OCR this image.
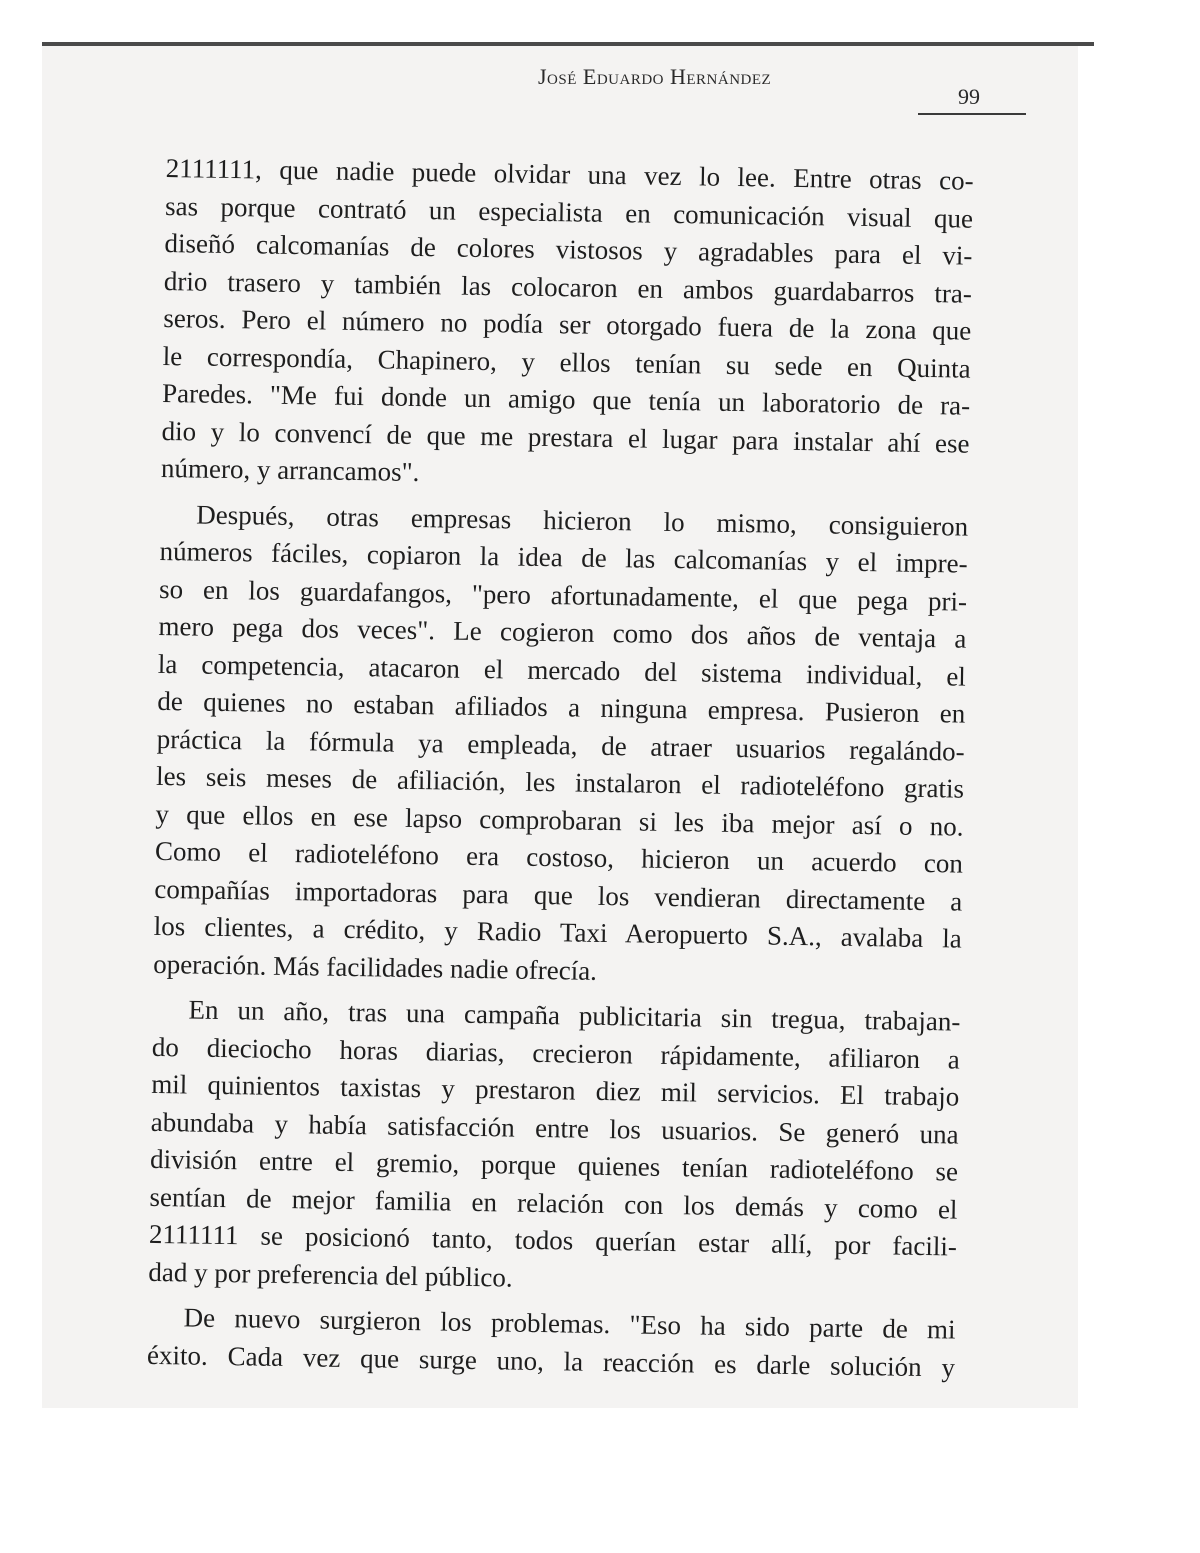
José Eduardo Hernández
99
2111111, que nadie puede olvidar una vez lo lee. Entre otras co-
sas porque contrató un especialista en comunicación visual que
diseñó calcomanías de colores vistosos y agradables para el vi-
drio trasero y también las colocaron en ambos guardabarros tra-
seros. Pero el número no podía ser otorgado fuera de la zona que
le correspondía, Chapinero, y ellos tenían su sede en Quinta
Paredes. "Me fui donde un amigo que tenía un laboratorio de ra-
dio y lo convencí de que me prestara el lugar para instalar ahí ese
número, y arrancamos".
Después, otras empresas hicieron lo mismo, consiguieron
números fáciles, copiaron la idea de las calcomanías y el impre-
so en los guardafangos, "pero afortunadamente, el que pega pri-
mero pega dos veces". Le cogieron como dos años de ventaja a
la competencia, atacaron el mercado del sistema individual, el
de quienes no estaban afiliados a ninguna empresa. Pusieron en
práctica la fórmula ya empleada, de atraer usuarios regalándo-
les seis meses de afiliación, les instalaron el radioteléfono gratis
y que ellos en ese lapso comprobaran si les iba mejor así o no.
Como el radioteléfono era costoso, hicieron un acuerdo con
compañías importadoras para que los vendieran directamente a
los clientes, a crédito, y Radio Taxi Aeropuerto S.A., avalaba la
operación. Más facilidades nadie ofrecía.
En un año, tras una campaña publicitaria sin tregua, trabajan-
do dieciocho horas diarias, crecieron rápidamente, afiliaron a
mil quinientos taxistas y prestaron diez mil servicios. El trabajo
abundaba y había satisfacción entre los usuarios. Se generó una
división entre el gremio, porque quienes tenían radioteléfono se
sentían de mejor familia en relación con los demás y como el
2111111 se posicionó tanto, todos querían estar allí, por facili-
dad y por preferencia del público.
De nuevo surgieron los problemas. "Eso ha sido parte de mi
éxito. Cada vez que surge uno, la reacción es darle solución y
